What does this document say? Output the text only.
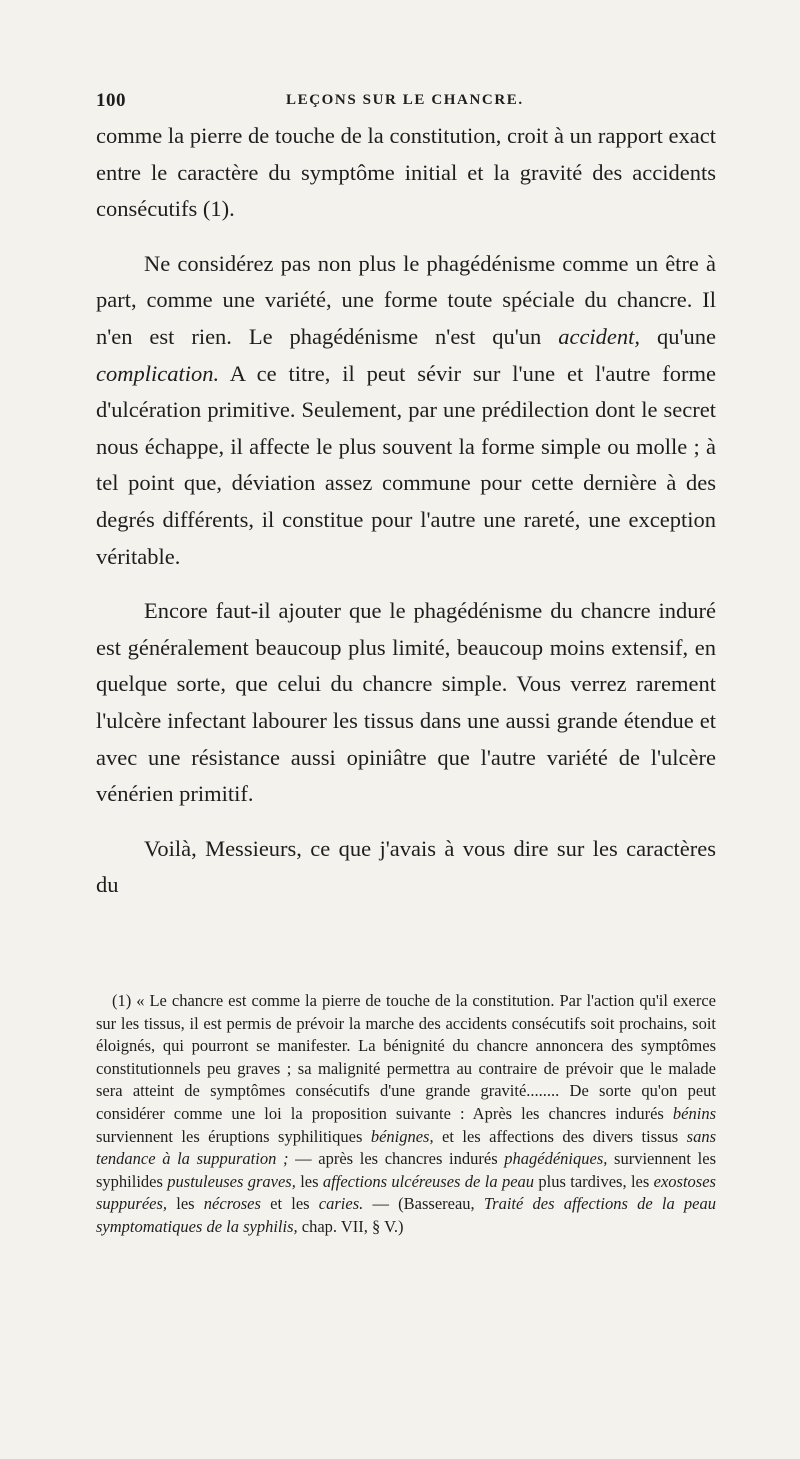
100	LEÇONS SUR LE CHANCRE.

comme la pierre de touche de la constitution, croit à un rapport exact entre le caractère du symptôme initial et la gravité des accidents consécutifs (1).

Ne considérez pas non plus le phagédénisme comme un être à part, comme une variété, une forme toute spéciale du chancre. Il n'en est rien. Le phagédénisme n'est qu'un accident, qu'une complication. A ce titre, il peut sévir sur l'une et l'autre forme d'ulcération primitive. Seulement, par une prédilection dont le secret nous échappe, il affecte le plus souvent la forme simple ou molle ; à tel point que, déviation assez commune pour cette dernière à des degrés différents, il constitue pour l'autre une rareté, une exception véritable.

Encore faut-il ajouter que le phagédénisme du chancre induré est généralement beaucoup plus limité, beaucoup moins extensif, en quelque sorte, que celui du chancre simple. Vous verrez rarement l'ulcère infectant labourer les tissus dans une aussi grande étendue et avec une résistance aussi opiniâtre que l'autre variété de l'ulcère vénérien primitif.

Voilà, Messieurs, ce que j'avais à vous dire sur les caractères du

(1) « Le chancre est comme la pierre de touche de la constitution. Par l'action qu'il exerce sur les tissus, il est permis de prévoir la marche des accidents consécutifs soit prochains, soit éloignés, qui pourront se manifester. La bénignité du chancre annoncera des symptômes constitutionnels peu graves ; sa malignité permettra au contraire de prévoir que le malade sera atteint de symptômes consécutifs d'une grande gravité........ De sorte qu'on peut considérer comme une loi la proposition suivante : Après les chancres indurés bénins surviennent les éruptions syphilitiques bénignes, et les affections des divers tissus sans tendance à la suppuration ; — après les chancres indurés phagédéniques, surviennent les syphilides pustuleuses graves, les affections ulcéreuses de la peau plus tardives, les exostoses suppurées, les nécroses et les caries. — (Bassereau, Traité des affections de la peau symptomatiques de la syphilis, chap. VII, § V.)
